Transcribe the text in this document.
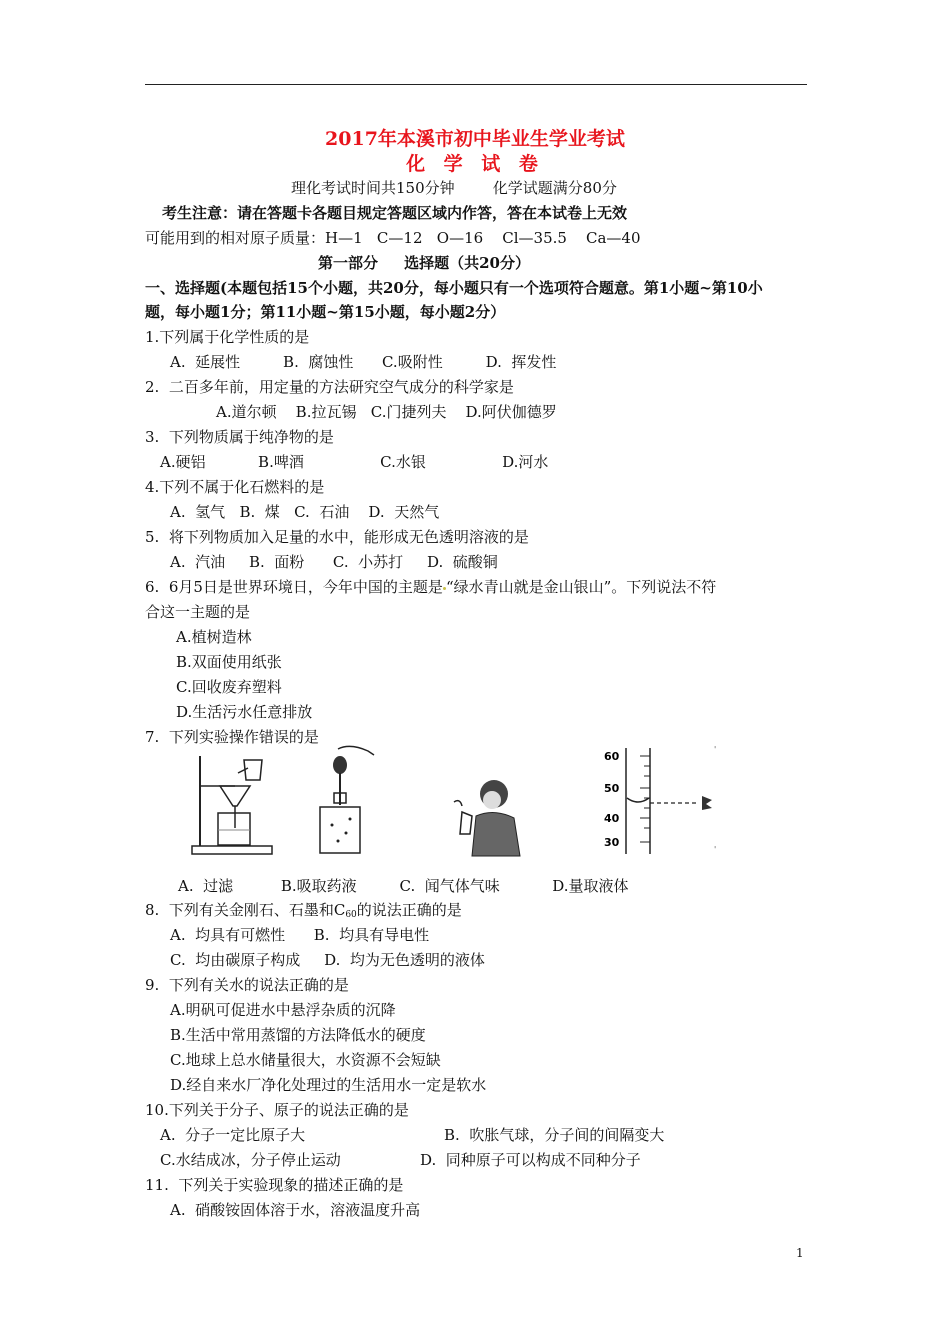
2017年本溪市初中毕业生学业考试
化 学 试 卷
理化考试时间共150分钟        化学试题满分80分
考生注意：请在答题卡各题目规定答题区域内作答，答在本试卷上无效
可能用到的相对原子质量：H—1   C—12   O—16    Cl—35.5    Ca—40
第一部分     选择题（共20分）
一、选择题(本题包括15个小题，共20分，每小题只有一个选项符合题意。第1小题~第10小
题，每小题1分；第11小题~第15小题，每小题2分）
1.下列属于化学性质的是
A.  延展性         B.  腐蚀性      C.吸附性         D.  挥发性
2.  二百多年前，用定量的方法研究空气成分的科学家是
A.道尔顿    B.拉瓦锡   C.门捷列夫    D.阿伏伽德罗
3.  下列物质属于纯净物的是
A.硬铝           B.啤酒                C.水银                D.河水
4.下列不属于化石燃料的是
A.  氢气   B.  煤   C.  石油    D.  天然气
5.  将下列物质加入足量的水中，能形成无色透明溶液的是
A.  汽油     B.  面粉      C.  小苏打     D.  硫酸铜
6.  6月5日是世界环境日，今年中国的主题是 “绿水青山就是金山银山”。下列说法不符
合这一主题的是
A.植树造林
B.双面使用纸张
C.回收废弃塑料
D.生活污水任意排放
7.  下列实验操作错误的是
60
50
40
30
'
'
A.  过滤          B.吸取药液         C.  闻气体气味           D.量取液体
8.  下列有关金刚石、石墨和$C_{60}$的说法正确的是
A.  均具有可燃性      B.  均具有导电性
C.  均由碳原子构成     D.  均为无色透明的液体
9.  下列有关水的说法正确的是
A.明矾可促进水中悬浮杂质的沉降
B.生活中常用蒸馏的方法降低水的硬度
C.地球上总水储量很大，水资源不会短缺
D.经自来水厂净化处理过的生活用水一定是软水
10.下列关于分子、原子的说法正确的是
A.  分子一定比原子大	B.  吹胀气球，分子间的间隔变大
C.水结成冰，分子停止运动	D.  同种原子可以构成不同种分子
11.  下列关于实验现象的描述正确的是
A.  硝酸铵固体溶于水，溶液温度升高
1
